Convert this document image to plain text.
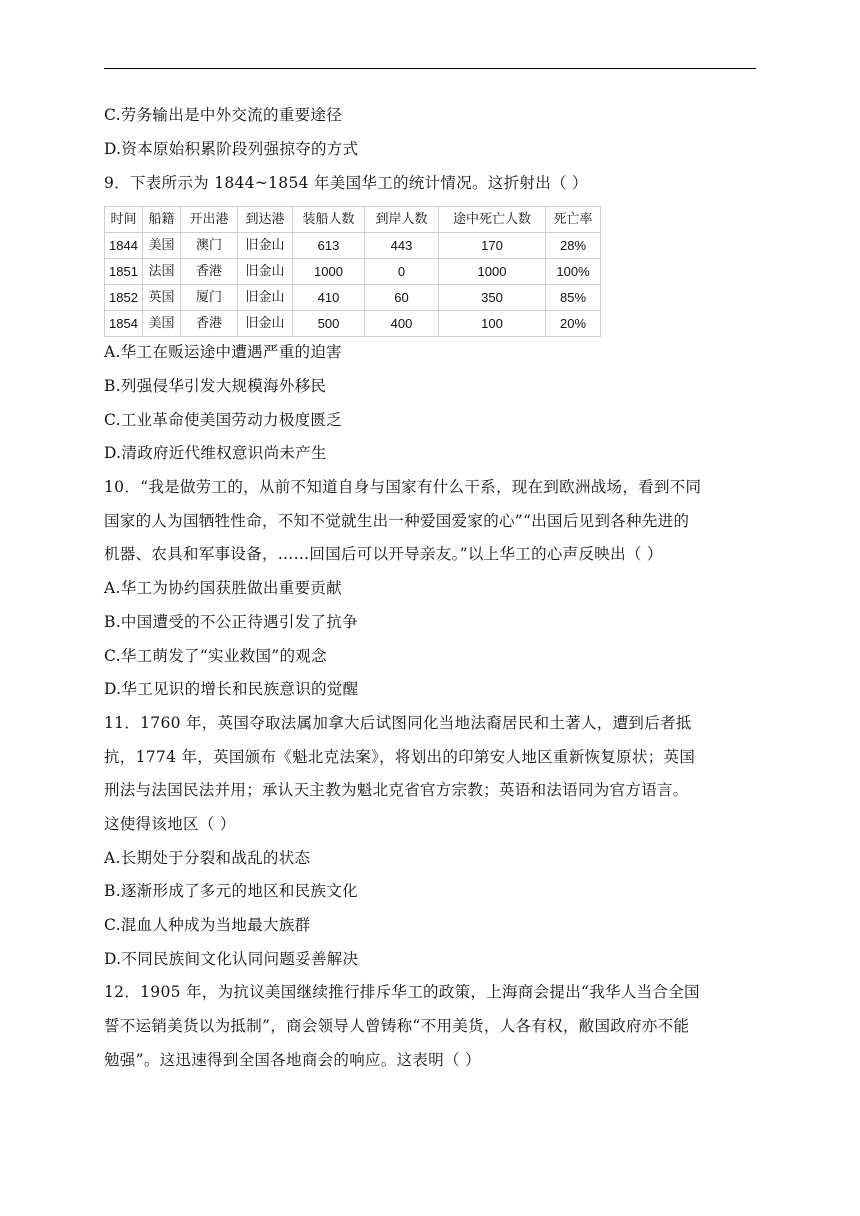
C.劳务输出是中外交流的重要途径
D.资本原始积累阶段列强掠夺的方式
9．下表所示为 1844~1854 年美国华工的统计情况。这折射出（ ）
时间	船籍	开出港	到达港	装船人数	到岸人数	途中死亡人数	死亡率
1844	美国	澳门	旧金山	613	443	170	28%
1851	法国	香港	旧金山	1000	0	1000	100%
1852	英国	厦门	旧金山	410	60	350	85%
1854	美国	香港	旧金山	500	400	100	20%
A.华工在贩运途中遭遇严重的迫害
B.列强侵华引发大规模海外移民
C.工业革命使美国劳动力极度匮乏
D.清政府近代维权意识尚未产生
10．“我是做劳工的，从前不知道自身与国家有什么干系，现在到欧洲战场，看到不同
国家的人为国牺牲性命，不知不觉就生出一种爱国爱家的心”“出国后见到各种先进的
机器、农具和军事设备，……回国后可以开导亲友。”以上华工的心声反映出（ ）
A.华工为协约国获胜做出重要贡献
B.中国遭受的不公正待遇引发了抗争
C.华工萌发了“实业救国”的观念
D.华工见识的增长和民族意识的觉醒
11．1760 年，英国夺取法属加拿大后试图同化当地法裔居民和土著人，遭到后者抵
抗，1774 年，英国颁布《魁北克法案》，将划出的印第安人地区重新恢复原状；英国
刑法与法国民法并用；承认天主教为魁北克省官方宗教；英语和法语同为官方语言。
这使得该地区（ ）
A.长期处于分裂和战乱的状态
B.逐渐形成了多元的地区和民族文化
C.混血人种成为当地最大族群
D.不同民族间文化认同问题妥善解决
12．1905 年，为抗议美国继续推行排斥华工的政策，上海商会提出“我华人当合全国
誓不运销美货以为抵制”，商会领导人曾铸称“不用美货，人各有权，敝国政府亦不能
勉强”。这迅速得到全国各地商会的响应。这表明（ ）
